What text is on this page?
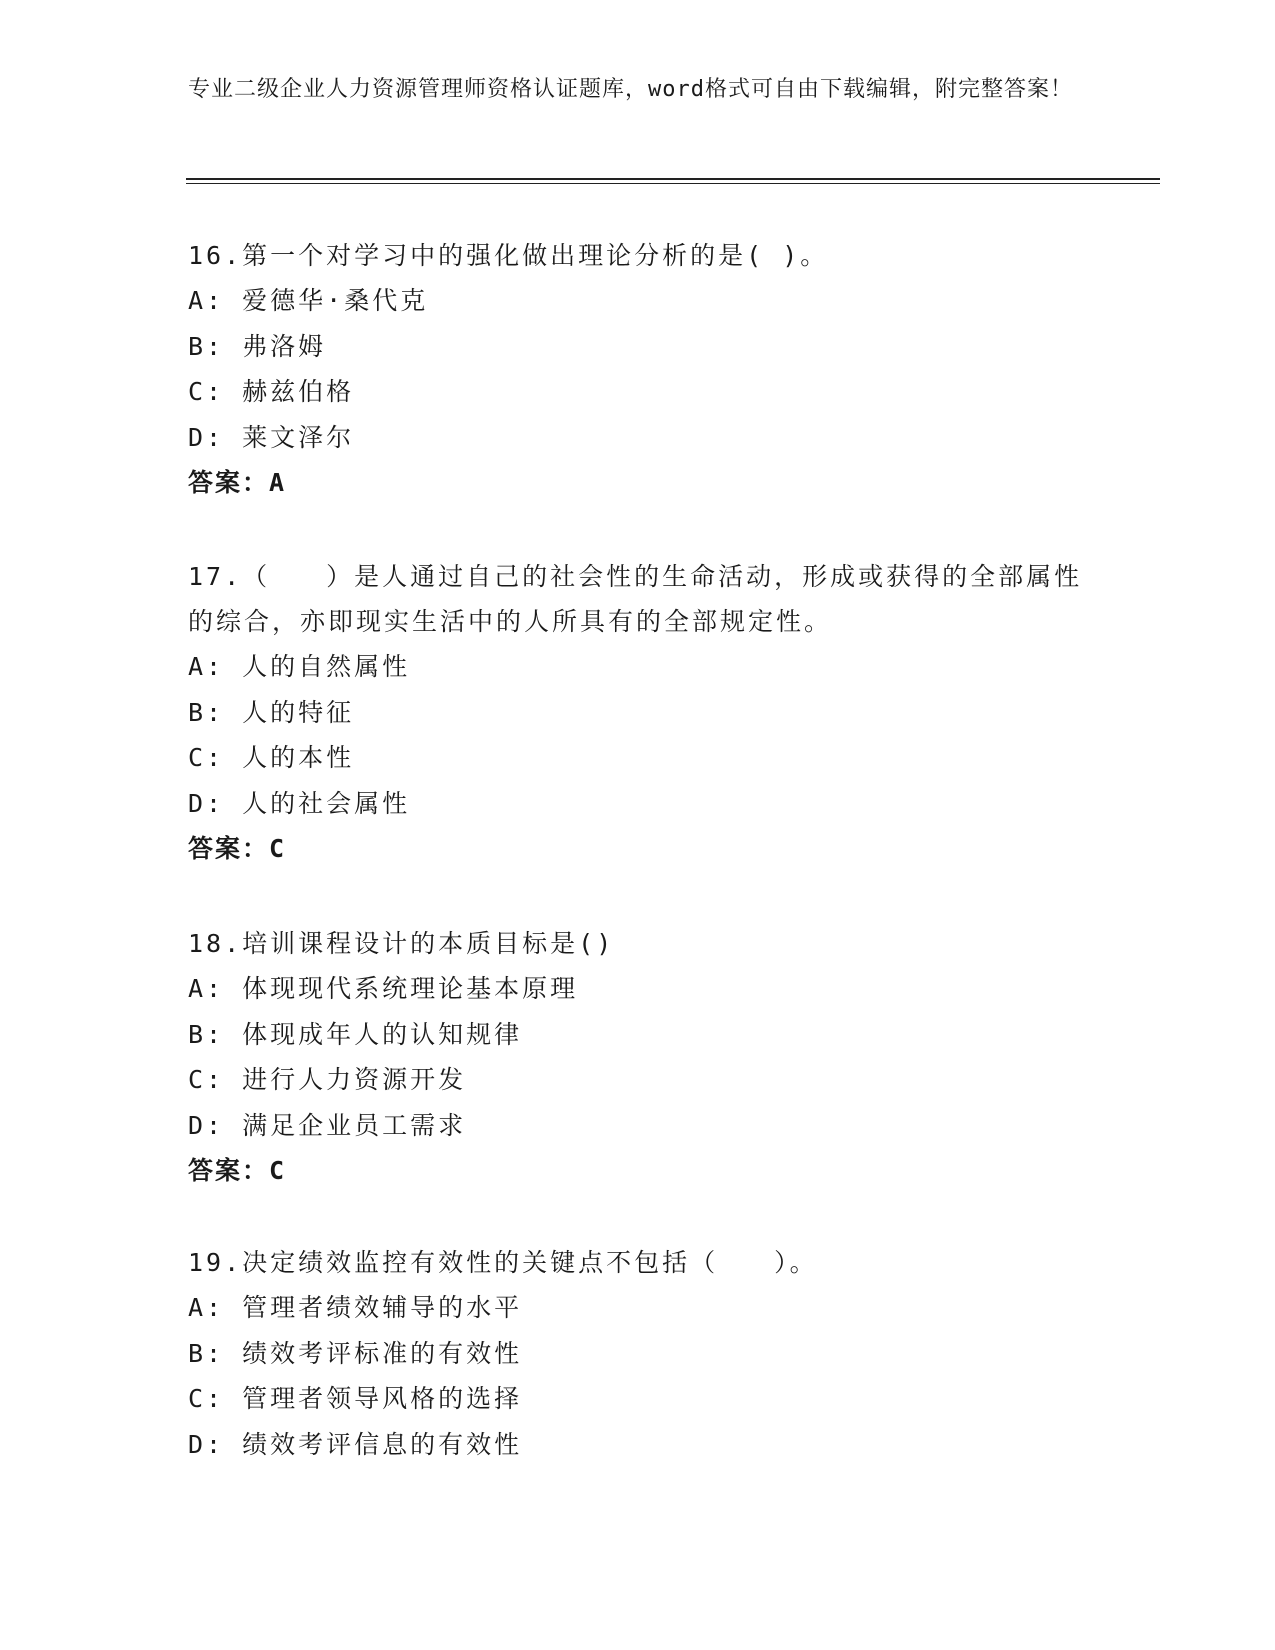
专业二级企业人力资源管理师资格认证题库，word格式可自由下载编辑，附完整答案！
16.第一个对学习中的强化做出理论分析的是( )。
A: 爱德华·桑代克
B: 弗洛姆
C: 赫兹伯格
D: 莱文泽尔
答案：A
17.（　　）是人通过自己的社会性的生命活动，形成或获得的全部属性的综合，亦即现实生活中的人所具有的全部规定性。
A: 人的自然属性
B: 人的特征
C: 人的本性
D: 人的社会属性
答案：C
18.培训课程设计的本质目标是()
A: 体现现代系统理论基本原理
B: 体现成年人的认知规律
C: 进行人力资源开发
D: 满足企业员工需求
答案：C
19.决定绩效监控有效性的关键点不包括（　　）。
A: 管理者绩效辅导的水平
B: 绩效考评标准的有效性
C: 管理者领导风格的选择
D: 绩效考评信息的有效性
